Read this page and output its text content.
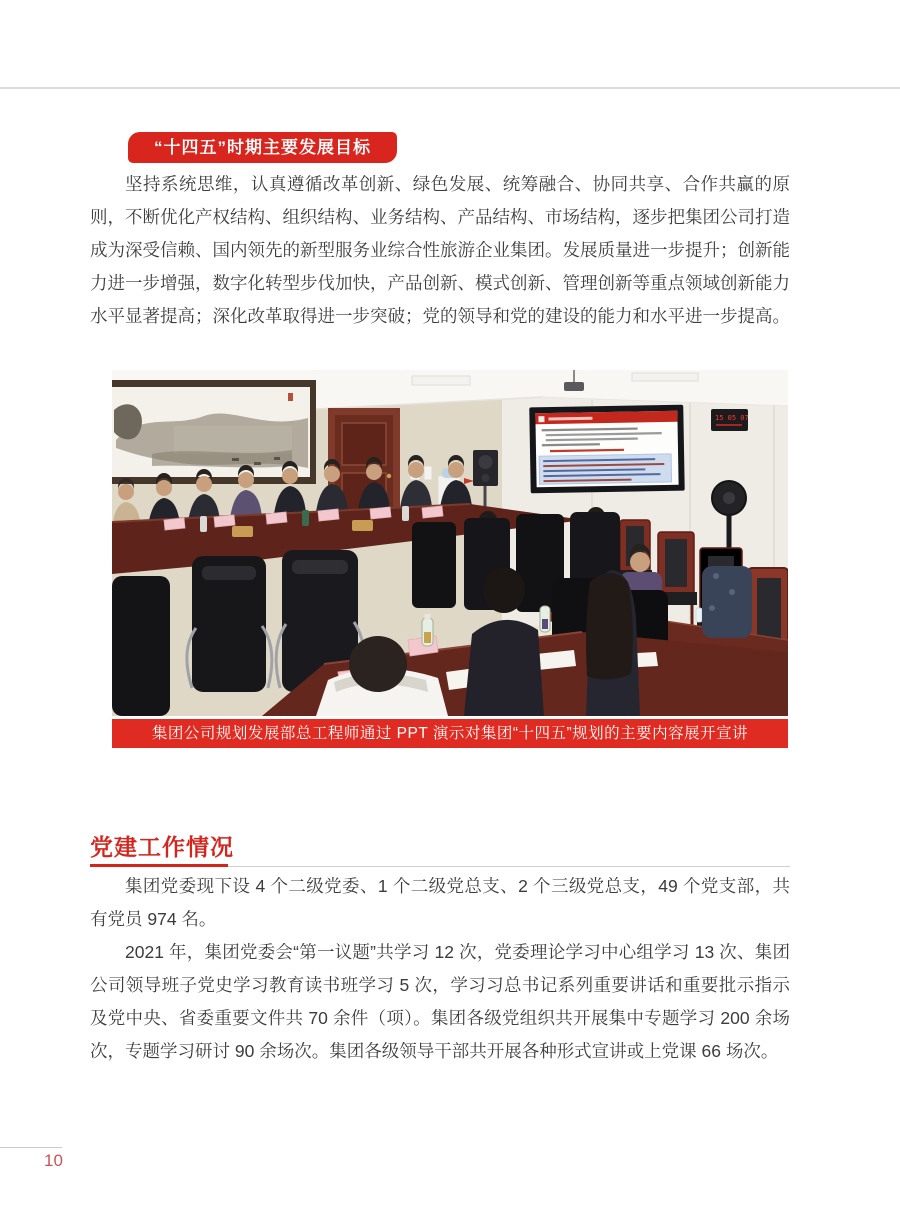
“十四五”时期主要发展目标
坚持系统思维，认真遵循改革创新、绿色发展、统筹融合、协同共享、合作共赢的原则，不断优化产权结构、组织结构、业务结构、产品结构、市场结构，逐步把集团公司打造成为深受信赖、国内领先的新型服务业综合性旅游企业集团。发展质量进一步提升；创新能力进一步增强，数字化转型步伐加快，产品创新、模式创新、管理创新等重点领域创新能力水平显著提高；深化改革取得进一步突破；党的领导和党的建设的能力和水平进一步提高。
15 05 07
集团公司规划发展部总工程师通过 PPT 演示对集团“十四五”规划的主要内容展开宣讲
党建工作情况

集团党委现下设 4 个二级党委、1 个二级党总支、2 个三级党总支，49 个党支部，共有党员 974 名。

2021 年，集团党委会“第一议题”共学习 12 次，党委理论学习中心组学习 13 次、集团公司领导班子党史学习教育读书班学习 5 次，学习习总书记系列重要讲话和重要批示指示及党中央、省委重要文件共 70 余件（项）。集团各级党组织共开展集中专题学习 200 余场次，专题学习研讨 90 余场次。集团各级领导干部共开展各种形式宣讲或上党课 66 场次。

10
